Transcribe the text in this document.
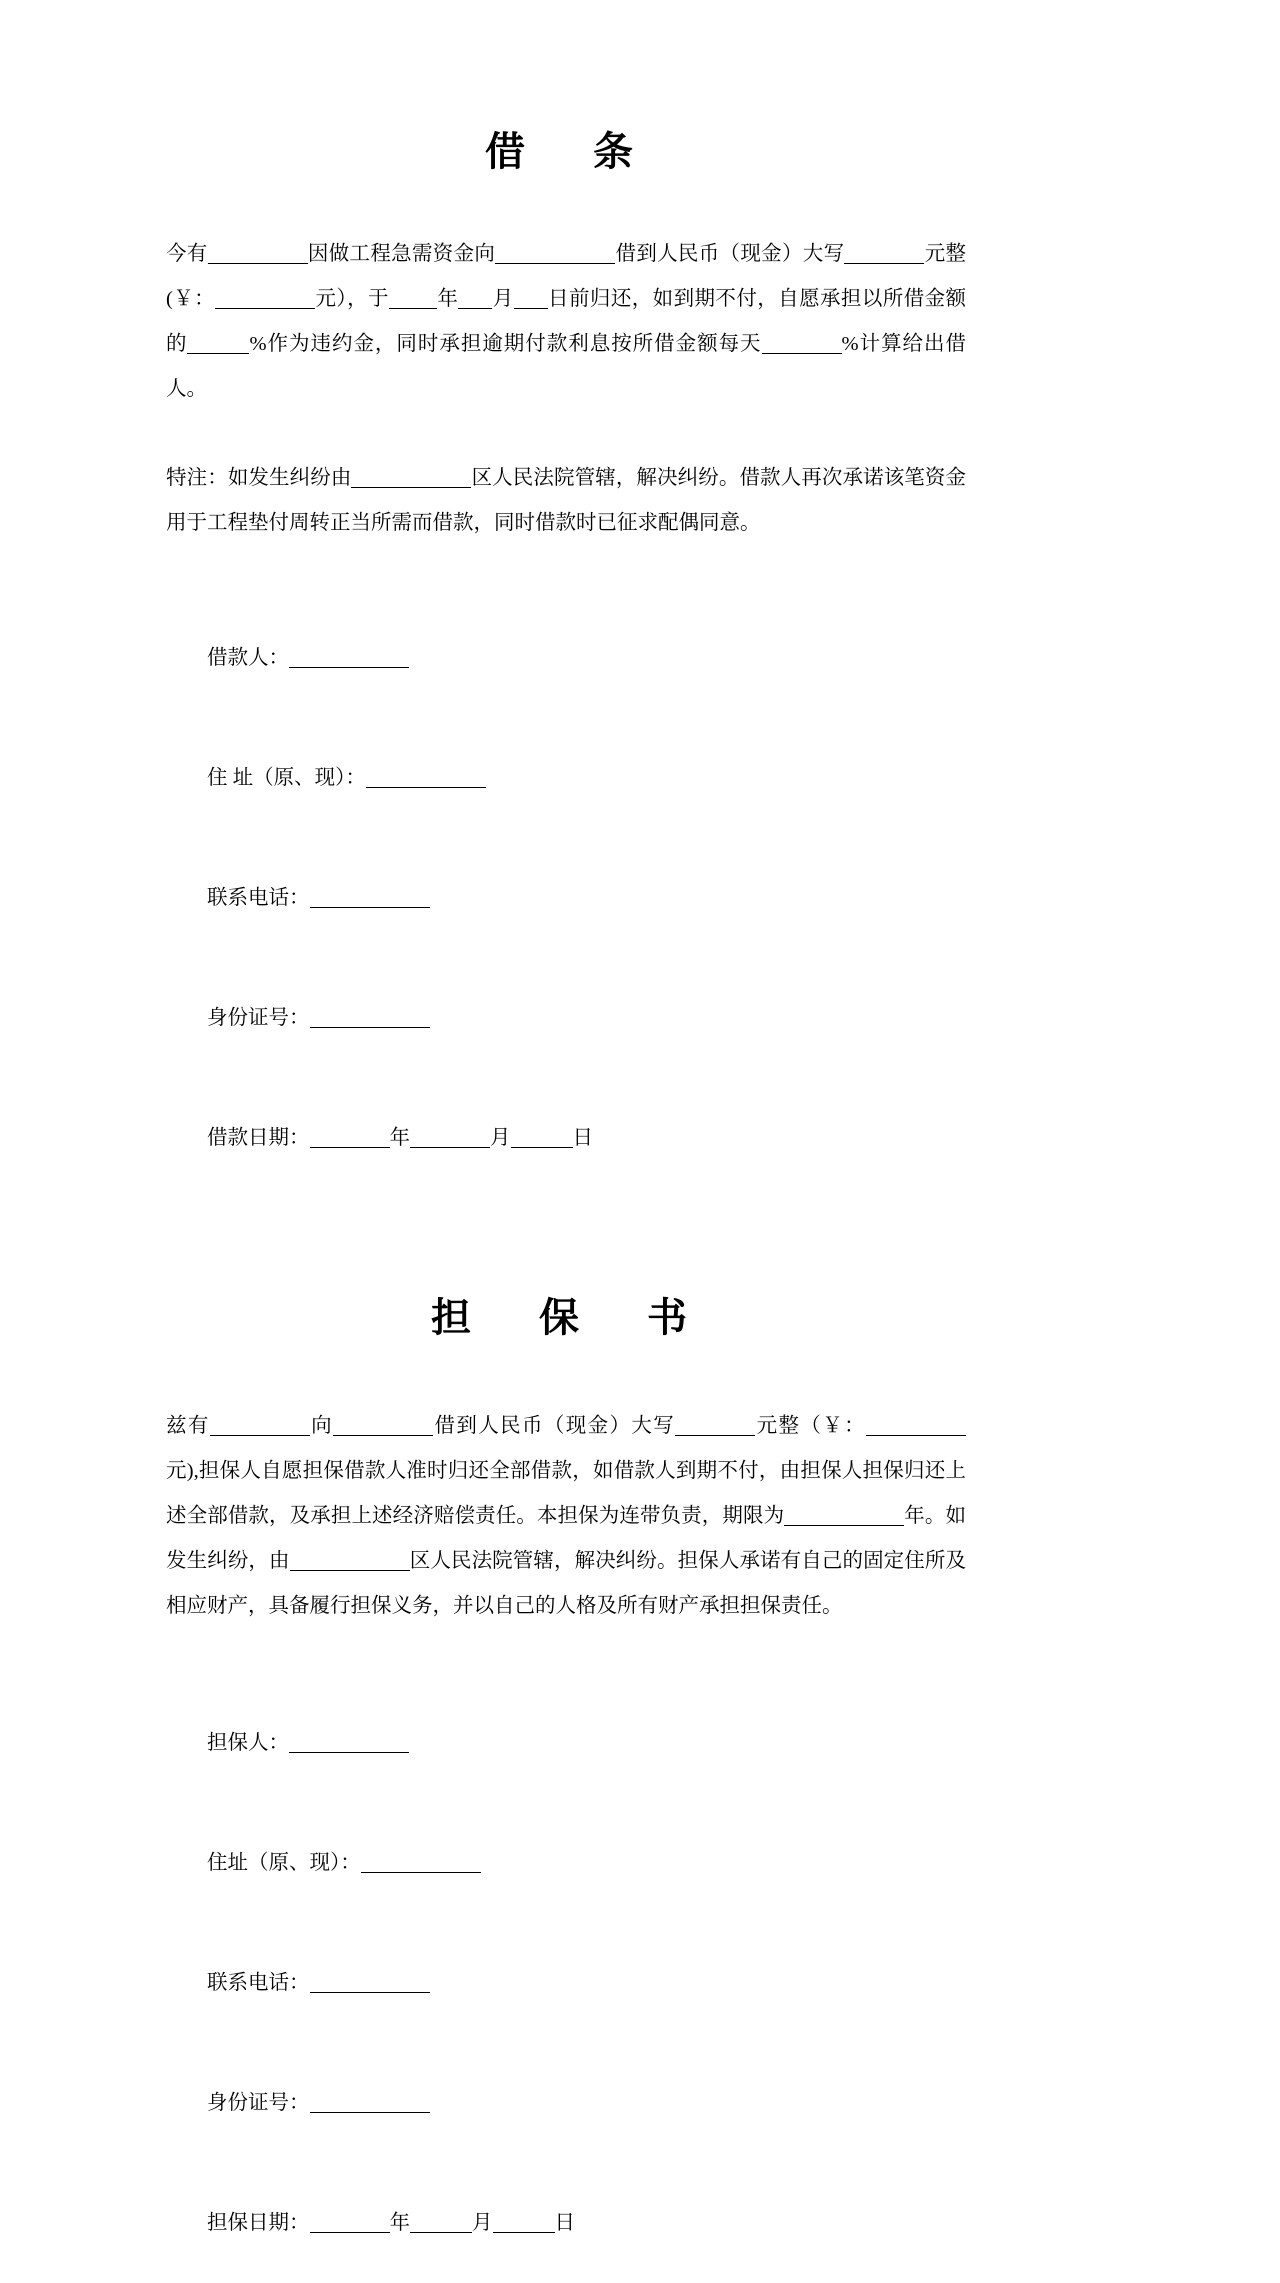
借　条

今有	因做工程急需资金向	借到人民币（现金）大写	元整(￥：	元），于 年 月 日前归还，如到期不付，自愿承担以所借金额的	%作为违约金，同时承担逾期付款利息按所借金额每天	%计算给出借人。

特注：如发生纠纷由	区人民法院管辖，解决纠纷。借款人再次承诺该笔资金用于工程垫付周转正当所需而借款，同时借款时已征求配偶同意。

借款人：

住 址（原、现）：

联系电话：

身份证号：

借款日期：	年	月	日

担　保　书

兹有	向	借到人民币（现金）大写	元整（￥：元),担保人自愿担保借款人准时归还全部借款，如借款人到期不付，由担保人担保归还上述全部借款，及承担上述经济赔偿责任。本担保为连带负责，期限为	年。如发生纠纷，由	区人民法院管辖，解决纠纷。担保人承诺有自己的固定住所及相应财产，具备履行担保义务，并以自己的人格及所有财产承担担保责任。

担保人：

住址（原、现）：

联系电话：

身份证号：

担保日期：	年	月	日
